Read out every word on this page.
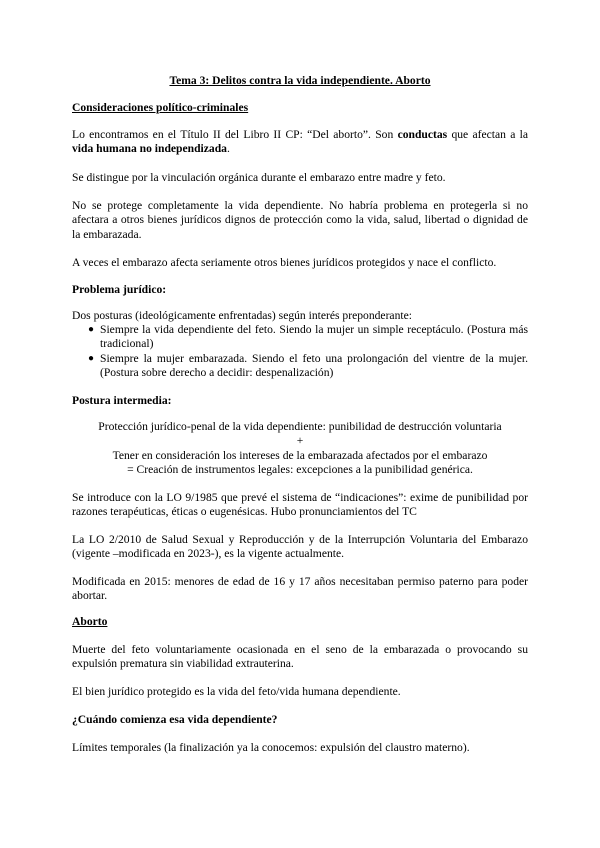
Tema 3: Delitos contra la vida independiente. Aborto

Consideraciones político-criminales

Lo encontramos en el Título II del Libro II CP: “Del aborto”. Son conductas que afectan a la vida humana no independizada.

Se distingue por la vinculación orgánica durante el embarazo entre madre y feto.

No se protege completamente la vida dependiente. No habría problema en protegerla si no afectara a otros bienes jurídicos dignos de protección como la vida, salud, libertad o dignidad de la embarazada.

A veces el embarazo afecta seriamente otros bienes jurídicos protegidos y nace el conflicto.

Problema jurídico:

Dos posturas (ideológicamente enfrentadas) según interés preponderante:

● Siempre la vida dependiente del feto. Siendo la mujer un simple receptáculo. (Postura más tradicional)
● Siempre la mujer embarazada. Siendo el feto una prolongación del vientre de la mujer. (Postura sobre derecho a decidir: despenalización)

Postura intermedia:

Protección jurídico-penal de la vida dependiente: punibilidad de destrucción voluntaria
+
Tener en consideración los intereses de la embarazada afectados por el embarazo
= Creación de instrumentos legales: excepciones a la punibilidad genérica.

Se introduce con la LO 9/1985 que prevé el sistema de “indicaciones”: exime de punibilidad por razones terapéuticas, éticas o eugenésicas. Hubo pronunciamientos del TC

La LO 2/2010 de Salud Sexual y Reproducción y de la Interrupción Voluntaria del Embarazo (vigente –modificada en 2023-), es la vigente actualmente.

Modificada en 2015: menores de edad de 16 y 17 años necesitaban permiso paterno para poder abortar.

Aborto

Muerte del feto voluntariamente ocasionada en el seno de la embarazada o provocando su expulsión prematura sin viabilidad extrauterina.

El bien jurídico protegido es la vida del feto/vida humana dependiente.

¿Cuándo comienza esa vida dependiente?

Límites temporales (la finalización ya la conocemos: expulsión del claustro materno).
